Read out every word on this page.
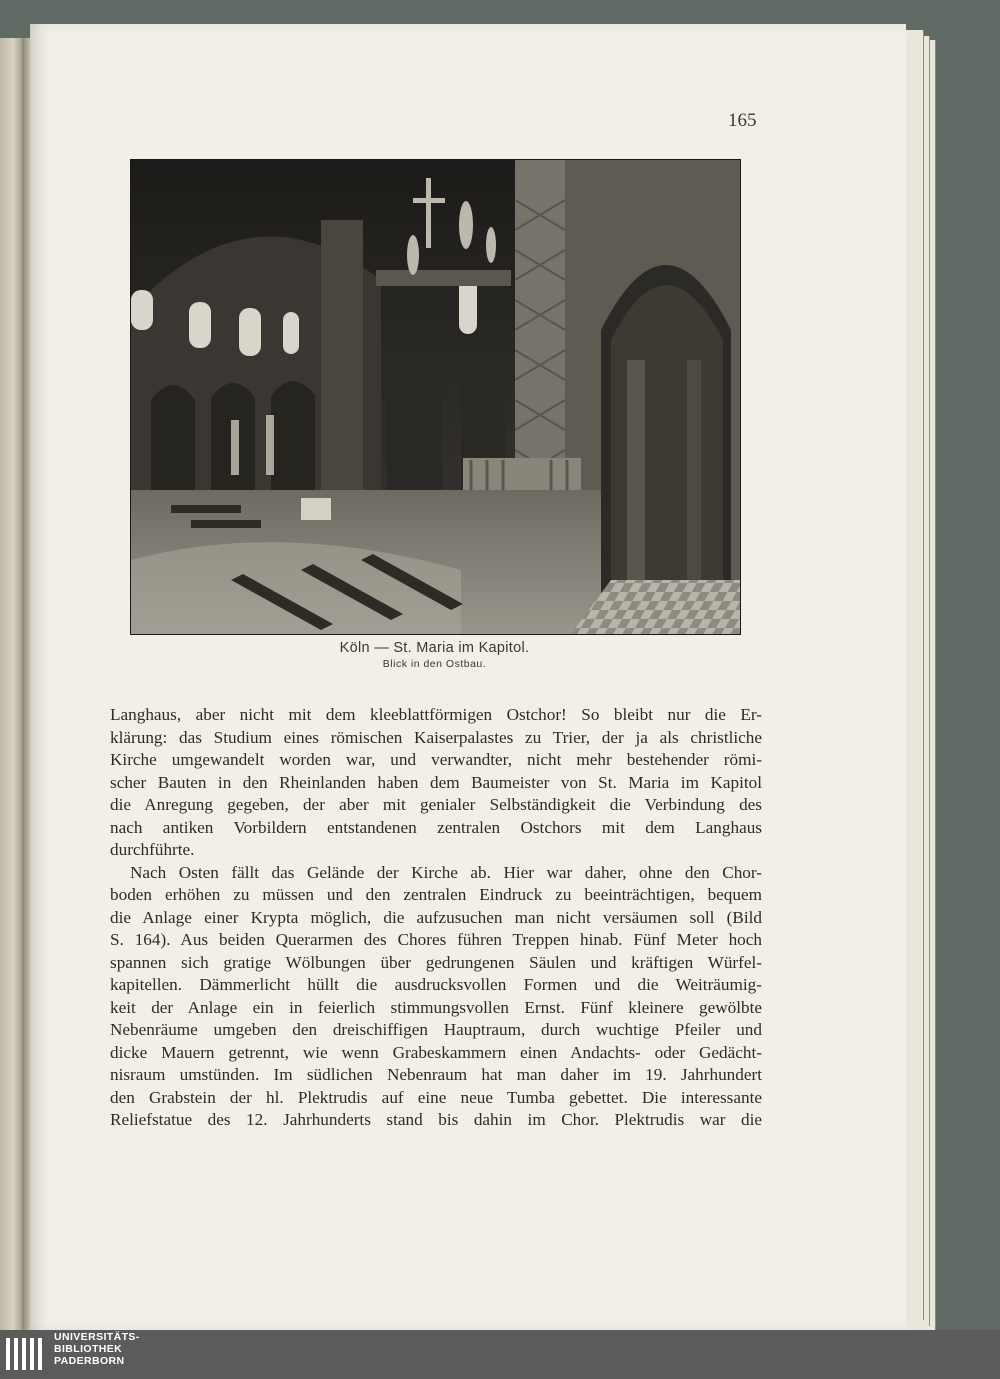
165
Köln — St. Maria im Kapitol.
Blick in den Ostbau.
Langhaus, aber nicht mit dem kleeblattförmigen Ostchor! So bleibt nur die Er-
klärung: das Studium eines römischen Kaiserpalastes zu Trier, der ja als christliche
Kirche umgewandelt worden war, und verwandter, nicht mehr bestehender römi-
scher Bauten in den Rheinlanden haben dem Baumeister von St. Maria im Kapitol
die Anregung gegeben, der aber mit genialer Selbständigkeit die Verbindung des
nach antiken Vorbildern entstandenen zentralen Ostchors mit dem Langhaus
durchführte.
Nach Osten fällt das Gelände der Kirche ab. Hier war daher, ohne den Chor-
boden erhöhen zu müssen und den zentralen Eindruck zu beeinträchtigen, bequem
die Anlage einer Krypta möglich, die aufzusuchen man nicht versäumen soll (Bild
S. 164). Aus beiden Querarmen des Chores führen Treppen hinab. Fünf Meter hoch
spannen sich gratige Wölbungen über gedrungenen Säulen und kräftigen Würfel-
kapitellen. Dämmerlicht hüllt die ausdrucksvollen Formen und die Weiträumig-
keit der Anlage ein in feierlich stimmungsvollen Ernst. Fünf kleinere gewölbte
Nebenräume umgeben den dreischiffigen Hauptraum, durch wuchtige Pfeiler und
dicke Mauern getrennt, wie wenn Grabeskammern einen Andachts- oder Gedächt-
nisraum umstünden. Im südlichen Nebenraum hat man daher im 19. Jahrhundert
den Grabstein der hl. Plektrudis auf eine neue Tumba gebettet. Die interessante
Reliefstatue des 12. Jahrhunderts stand bis dahin im Chor. Plektrudis war die
UNIVERSITÄTS-
BIBLIOTHEK
PADERBORN
